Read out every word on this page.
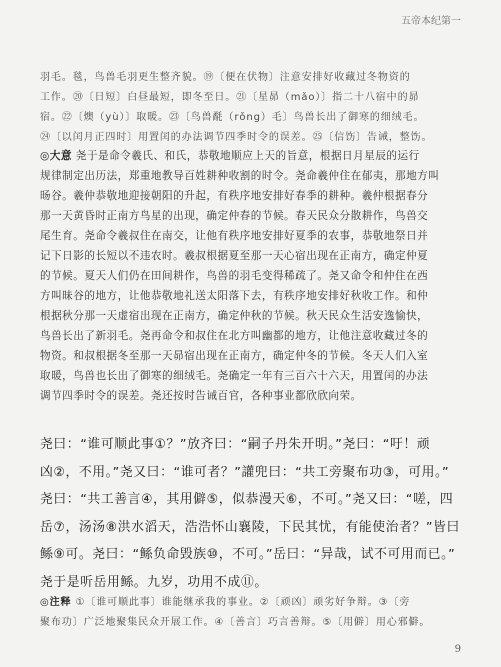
五帝本纪第一
羽毛。毯，鸟兽毛羽更生整齐貌。⑲〔便在伏物〕注意安排好收藏过冬物资的
工作。⑳〔日短〕白昼最短，即冬至日。㉑〔星昴（mǎo）〕指二十八宿中的昴
宿。㉒〔燠（yù）〕取暖。㉓〔鸟兽氄（rǒng）毛〕鸟兽长出了御寒的细绒毛。
㉔〔以闰月正四时〕用置闰的办法调节四季时令的误差。㉕〔信饬〕告诫，整饬。
◎大意 尧于是命令羲氏、和氏，恭敬地顺应上天的旨意，根据日月星辰的运行
规律制定出历法，郑重地教导百姓耕种收割的时令。尧命羲仲住在郁夷，那地方叫
旸谷。羲仲恭敬地迎接朝阳的升起，有秩序地安排好春季的耕种。羲仲根据春分
那一天黄昏时正南方鸟星的出现，确定仲春的节候。春天民众分散耕作，鸟兽交
尾生育。尧命令羲叔住在南交，让他有秩序地安排好夏季的农事，恭敬地祭日并
记下日影的长短以不违农时。羲叔根据夏至那一天心宿出现在正南方，确定仲夏
的节候。夏天人们仍在田间耕作，鸟兽的羽毛变得稀疏了。尧又命令和仲住在西
方叫昧谷的地方，让他恭敬地礼送太阳落下去，有秩序地安排好秋收工作。和仲
根据秋分那一天虚宿出现在正南方，确定仲秋的节候。秋天民众生活安逸愉快，
鸟兽长出了新羽毛。尧再命令和叔住在北方叫幽都的地方，让他注意收藏过冬的
物资。和叔根据冬至那一天昴宿出现在正南方，确定仲冬的节候。冬天人们入室
取暖，鸟兽也长出了御寒的细绒毛。尧确定一年有三百六十六天，用置闰的办法
调节四季时令的误差。尧还按时告诫百官，各种事业都欣欣向荣。
尧曰：“谁可顺此事①？”放齐曰：“嗣子丹朱开明。”尧曰：“吁！顽
凶②，不用。”尧又曰：“谁可者？”讙兜曰：“共工旁聚布功③，可用。”
尧曰：“共工善言④，其用僻⑤，似恭漫天⑥，不可。”尧又曰：“嗟，四
岳⑦，汤汤⑧洪水滔天，浩浩怀山襄陵，下民其忧，有能使治者？”皆曰
鲧⑨可。尧曰：“鲧负命毁族⑩，不可。”岳曰：“异哉，试不可用而已。”
尧于是听岳用鲧。九岁，功用不成⑪。
◎注释 ①〔谁可顺此事〕谁能继承我的事业。②〔顽凶〕顽劣好争辩。③〔旁
聚布功〕广泛地聚集民众开展工作。④〔善言〕巧言善辩。⑤〔用僻〕用心邪僻。
9
